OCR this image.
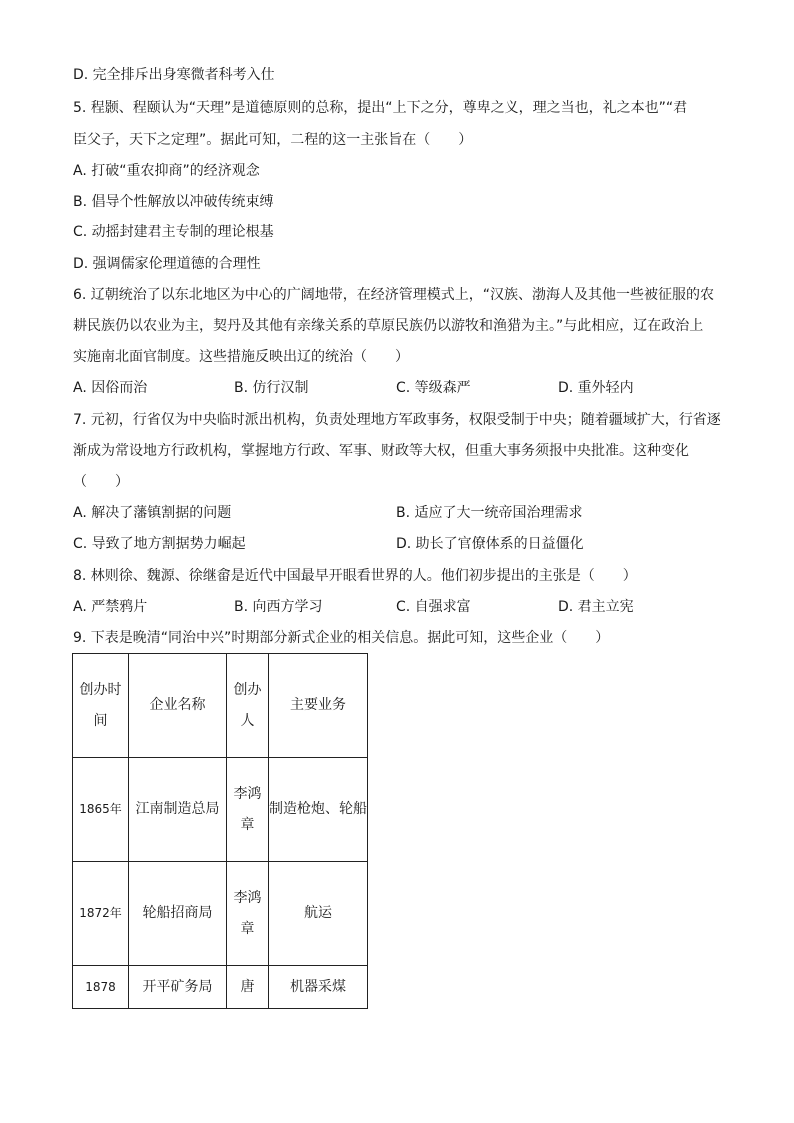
D. 完全排斥出身寒微者科考入仕
5. 程颢、程颐认为“天理”是道德原则的总称，提出“上下之分，尊卑之义，理之当也，礼之本也”“君
臣父子，天下之定理”。据此可知，二程的这一主张旨在（　　）
A. 打破“重农抑商”的经济观念
B. 倡导个性解放以冲破传统束缚
C. 动摇封建君主专制的理论根基
D. 强调儒家伦理道德的合理性
6. 辽朝统治了以东北地区为中心的广阔地带，在经济管理模式上，“汉族、渤海人及其他一些被征服的农
耕民族仍以农业为主，契丹及其他有亲缘关系的草原民族仍以游牧和渔猎为主。”与此相应，辽在政治上
实施南北面官制度。这些措施反映出辽的统治（　　）
A. 因俗而治	B. 仿行汉制	C. 等级森严	D. 重外轻内
7. 元初，行省仅为中央临时派出机构，负责处理地方军政事务，权限受制于中央；随着疆域扩大，行省逐
渐成为常设地方行政机构，掌握地方行政、军事、财政等大权，但重大事务须报中央批准。这种变化
（　　）
A. 解决了藩镇割据的问题	B. 适应了大一统帝国治理需求
C. 导致了地方割据势力崛起	D. 助长了官僚体系的日益僵化
8. 林则徐、魏源、徐继畲是近代中国最早开眼看世界的人。他们初步提出的主张是（　　）
A. 严禁鸦片	B. 向西方学习	C. 自强求富	D. 君主立宪
9. 下表是晚清“同治中兴”时期部分新式企业的相关信息。据此可知，这些企业（　　）
创办时间	企业名称	创办人	主要业务
1865年	江南制造总局	李鸿章	制造枪炮、轮船
1872年	轮船招商局	李鸿章	航运
1878	开平矿务局	唐	机器采煤
